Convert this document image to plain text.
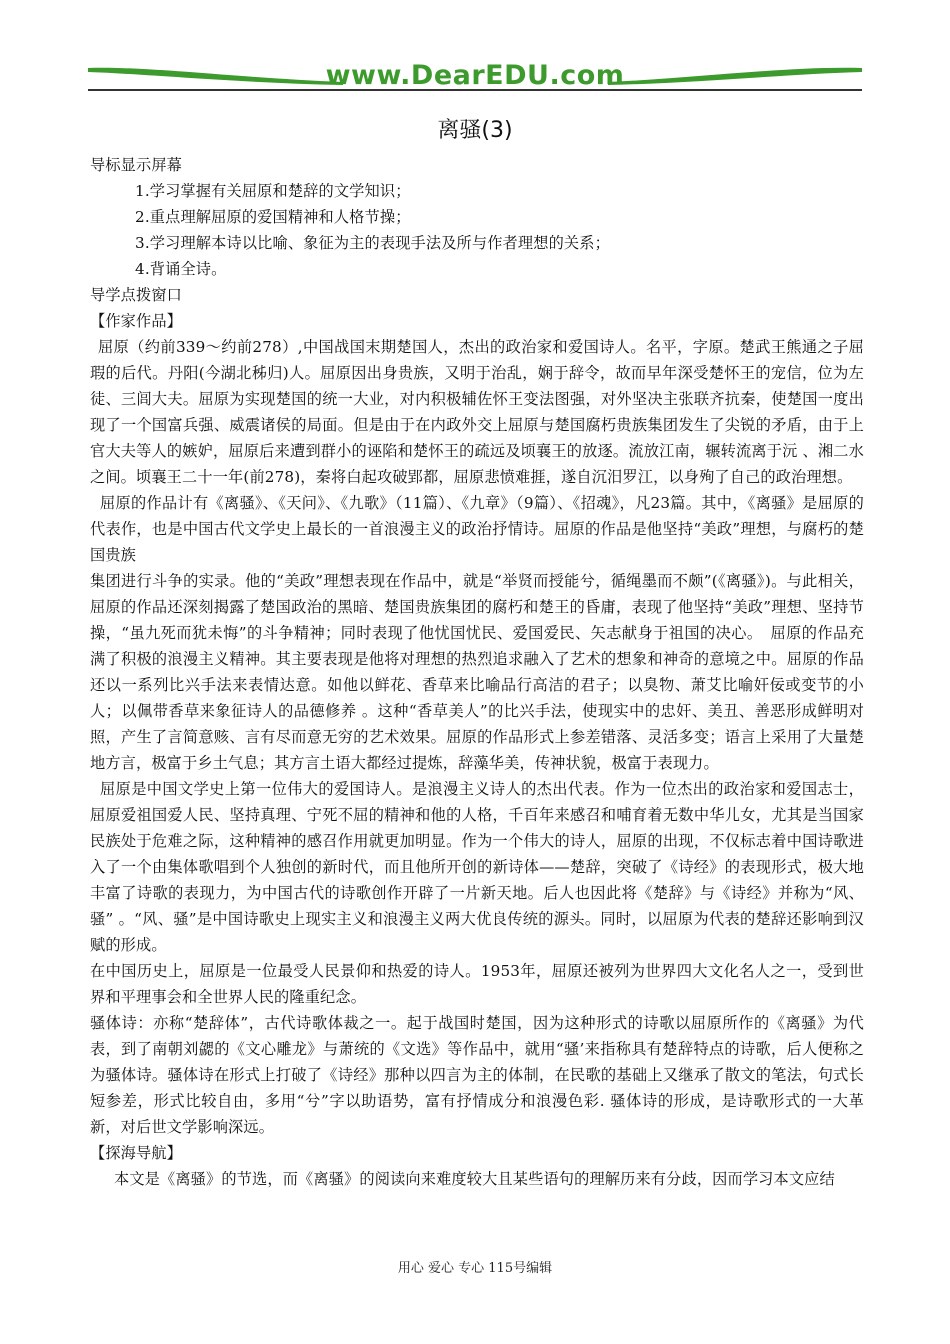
www.DearEDU.com
离骚(3)

导标显示屏幕

1.学习掌握有关屈原和楚辞的文学知识；

2.重点理解屈原的爱国精神和人格节操；

3.学习理解本诗以比喻、象征为主的表现手法及所与作者理想的关系；

4.背诵全诗。

导学点拨窗口

【作家作品】

屈原（约前339～约前278）,中国战国末期楚国人，杰出的政治家和爱国诗人。名平，字原。楚武王熊通之子屈瑕的后代。丹阳(今湖北秭归)人。屈原因出身贵族，又明于治乱，娴于辞令，故而早年深受楚怀王的宠信，位为左徒、三闾大夫。屈原为实现楚国的统一大业，对内积极辅佐怀王变法图强，对外坚决主张联齐抗秦，使楚国一度出现了一个国富兵强、威震诸侯的局面。但是由于在内政外交上屈原与楚国腐朽贵族集团发生了尖锐的矛盾，由于上官大夫等人的嫉妒，屈原后来遭到群小的诬陷和楚怀王的疏远及顷襄王的放逐。流放江南，辗转流离于沅 、湘二水之间。顷襄王二十一年(前278)，秦将白起攻破郢都，屈原悲愤难捱，遂自沉汨罗江，以身殉了自己的政治理想。

屈原的作品计有《离骚》、《天问》、《九歌》（11篇）、《九章》（9篇）、《招魂》，凡23篇。其中，《离骚》是屈原的代表作，也是中国古代文学史上最长的一首浪漫主义的政治抒情诗。屈原的作品是他坚持“美政”理想，与腐朽的楚国贵族

集团进行斗争的实录。他的“美政”理想表现在作品中，就是“举贤而授能兮，循绳墨而不颇”(《离骚》)。与此相关，屈原的作品还深刻揭露了楚国政治的黑暗、楚国贵族集团的腐朽和楚王的昏庸，表现了他坚持“美政”理想、坚持节操，“虽九死而犹未悔”的斗争精神；同时表现了他忧国忧民、爱国爱民、矢志献身于祖国的决心。　屈原的作品充满了积极的浪漫主义精神。其主要表现是他将对理想的热烈追求融入了艺术的想象和神奇的意境之中。屈原的作品还以一系列比兴手法来表情达意。如他以鲜花、香草来比喻品行高洁的君子；以臭物、萧艾比喻奸佞或变节的小人；以佩带香草来象征诗人的品德修养 。这种“香草美人”的比兴手法，使现实中的忠奸、美丑、善恶形成鲜明对照，产生了言简意赅、言有尽而意无穷的艺术效果。屈原的作品形式上参差错落、灵活多变；语言上采用了大量楚地方言，极富于乡土气息；其方言土语大都经过提炼，辞藻华美，传神状貌，极富于表现力。

屈原是中国文学史上第一位伟大的爱国诗人。是浪漫主义诗人的杰出代表。作为一位杰出的政治家和爱国志士，屈原爱祖国爱人民、坚持真理、宁死不屈的精神和他的人格，千百年来感召和哺育着无数中华儿女，尤其是当国家民族处于危难之际，这种精神的感召作用就更加明显。作为一个伟大的诗人，屈原的出现，不仅标志着中国诗歌进入了一个由集体歌唱到个人独创的新时代，而且他所开创的新诗体——楚辞，突破了《诗经》的表现形式，极大地丰富了诗歌的表现力，为中国古代的诗歌创作开辟了一片新天地。后人也因此将《楚辞》与《诗经》并称为“风、骚” 。“风、骚”是中国诗歌史上现实主义和浪漫主义两大优良传统的源头。同时，以屈原为代表的楚辞还影响到汉赋的形成。

在中国历史上，屈原是一位最受人民景仰和热爱的诗人。1953年，屈原还被列为世界四大文化名人之一，受到世界和平理事会和全世界人民的隆重纪念。

骚体诗：亦称“楚辞体”，古代诗歌体裁之一。起于战国时楚国，因为这种形式的诗歌以屈原所作的《离骚》为代表，到了南朝刘勰的《文心雕龙》与萧统的《文选》等作品中，就用“骚’来指称具有楚辞特点的诗歌，后人便称之为骚体诗。骚体诗在形式上打破了《诗经》那种以四言为主的体制，在民歌的基础上又继承了散文的笔法，句式长短参差，形式比较自由，多用“兮”字以助语势，富有抒情成分和浪漫色彩. 骚体诗的形成，是诗歌形式的一大革新，对后世文学影响深远。

【探海导航】

本文是《离骚》的节选，而《离骚》的阅读向来难度较大且某些语句的理解历来有分歧，因而学习本文应结

用心 爱心 专心 115号编辑
